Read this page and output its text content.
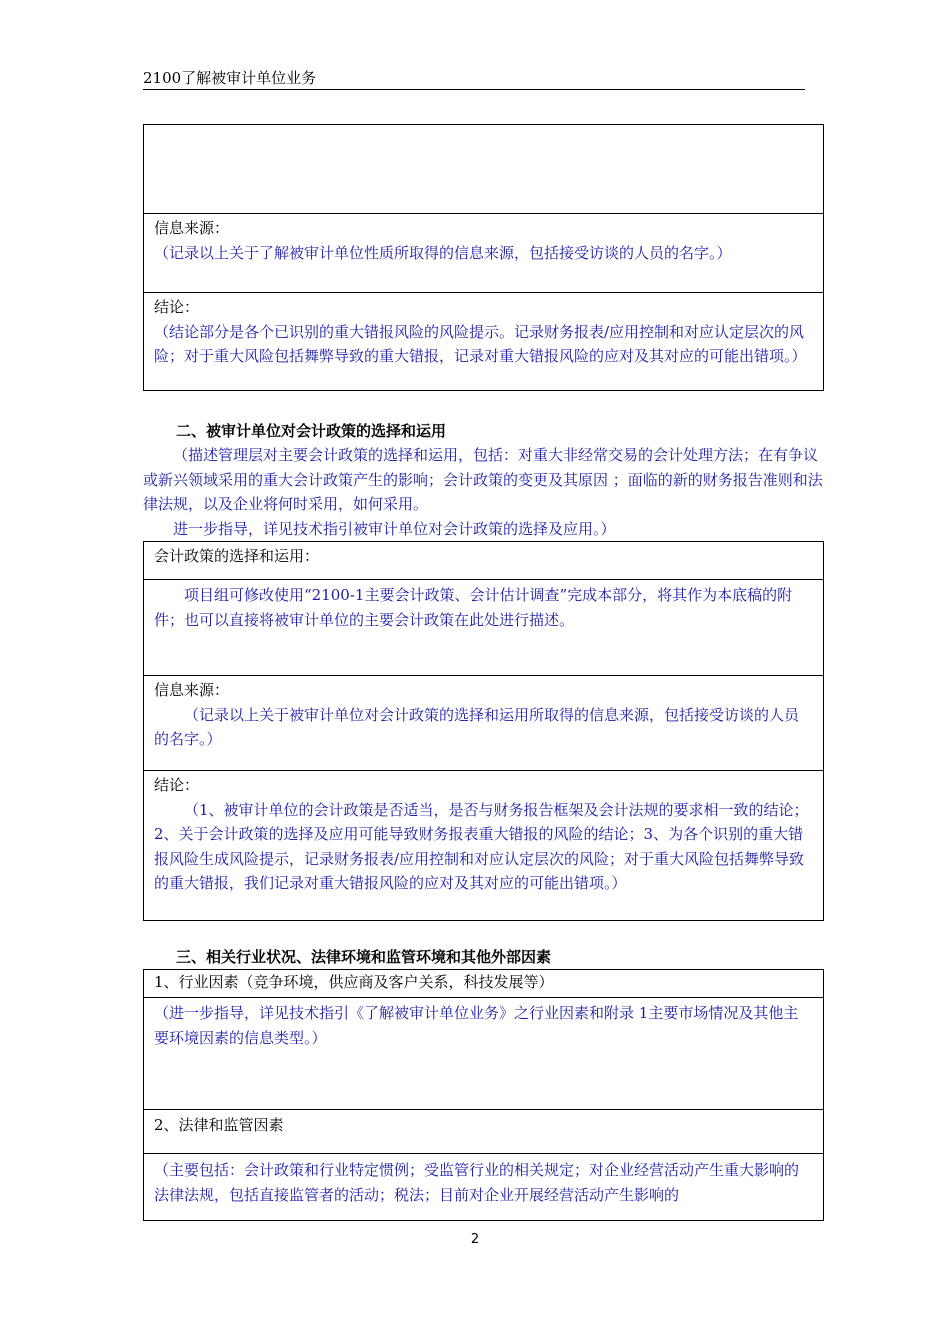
2100了解被审计单位业务
信息来源：
（记录以上关于了解被审计单位性质所取得的信息来源，包括接受访谈的人员的名字。）
结论：
（结论部分是各个已识别的重大错报风险的风险提示。记录财务报表/应用控制和对应认定层次的风险；对于重大风险包括舞弊导致的重大错报，记录对重大错报风险的应对及其对应的可能出错项。）
二、被审计单位对会计政策的选择和运用
（描述管理层对主要会计政策的选择和运用，包括：对重大非经常交易的会计处理方法；在有争议或新兴领域采用的重大会计政策产生的影响；会计政策的变更及其原因 ；面临的新的财务报告准则和法律法规，以及企业将何时采用，如何采用。
进一步指导，详见技术指引被审计单位对会计政策的选择及应用。）
会计政策的选择和运用：
项目组可修改使用“2100-1主要会计政策、会计估计调查”完成本部分，将其作为本底稿的附件；也可以直接将被审计单位的主要会计政策在此处进行描述。
信息来源：
（记录以上关于被审计单位对会计政策的选择和运用所取得的信息来源，包括接受访谈的人员的名字。）
结论：
（1、被审计单位的会计政策是否适当，是否与财务报告框架及会计法规的要求相一致的结论；2、关于会计政策的选择及应用可能导致财务报表重大错报的风险的结论；3、为各个识别的重大错报风险生成风险提示，记录财务报表/应用控制和对应认定层次的风险；对于重大风险包括舞弊导致的重大错报，我们记录对重大错报风险的应对及其对应的可能出错项。）
三、相关行业状况、法律环境和监管环境和其他外部因素
1、行业因素（竞争环境，供应商及客户关系，科技发展等）
（进一步指导，详见技术指引《了解被审计单位业务》之行业因素和附录 1主要市场情况及其他主要环境因素的信息类型。）
2、法律和监管因素
（主要包括：会计政策和行业特定惯例；受监管行业的相关规定；对企业经营活动产生重大影响的法律法规，包括直接监管者的活动；税法；目前对企业开展经营活动产生影响的
2
